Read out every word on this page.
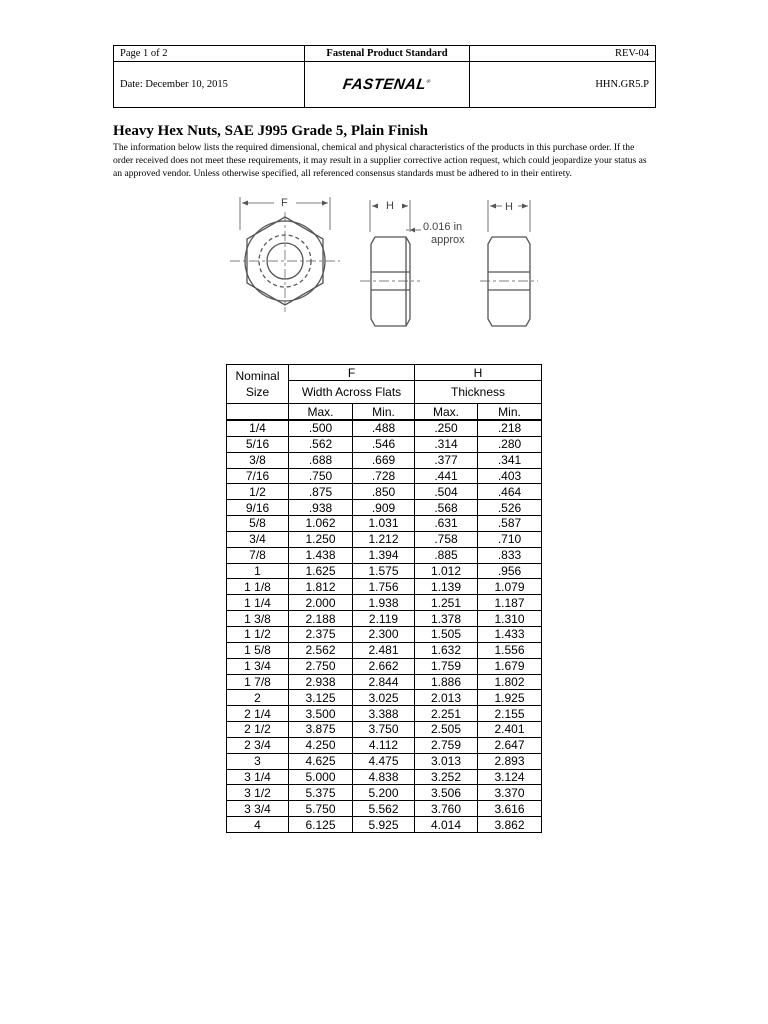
Page 1 of 2	Fastenal Product Standard	REV-04
Date: December 10, 2015	FASTENAL®	HHN.GR5.P
Heavy Hex Nuts, SAE J995 Grade 5, Plain Finish

The information below lists the required dimensional, chemical and physical characteristics of the products in this purchase order. If the order received does not meet these requirements, it may result in a supplier corrective action request, which could jeopardize your status as an approved vendor. Unless otherwise specified, all referenced consensus standards must be adhered to in their entirety.

F	H	H
0.016 in
approx
Nominal Size	F		H	
	Width Across Flats		Thickness	
	Max.	Min.	Max.	Min.
1/4	.500	.488	.250	.218
5/16	.562	.546	.314	.280
3/8	.688	.669	.377	.341
7/16	.750	.728	.441	.403
1/2	.875	.850	.504	.464
9/16	.938	.909	.568	.526
5/8	1.062	1.031	.631	.587
3/4	1.250	1.212	.758	.710
7/8	1.438	1.394	.885	.833
1	1.625	1.575	1.012	.956
1 1/8	1.812	1.756	1.139	1.079
1 1/4	2.000	1.938	1.251	1.187
1 3/8	2.188	2.119	1.378	1.310
1 1/2	2.375	2.300	1.505	1.433
1 5/8	2.562	2.481	1.632	1.556
1 3/4	2.750	2.662	1.759	1.679
1 7/8	2.938	2.844	1.886	1.802
2	3.125	3.025	2.013	1.925
2 1/4	3.500	3.388	2.251	2.155
2 1/2	3.875	3.750	2.505	2.401
2 3/4	4.250	4.112	2.759	2.647
3	4.625	4.475	3.013	2.893
3 1/4	5.000	4.838	3.252	3.124
3 1/2	5.375	5.200	3.506	3.370
3 3/4	5.750	5.562	3.760	3.616
4	6.125	5.925	4.014	3.862
